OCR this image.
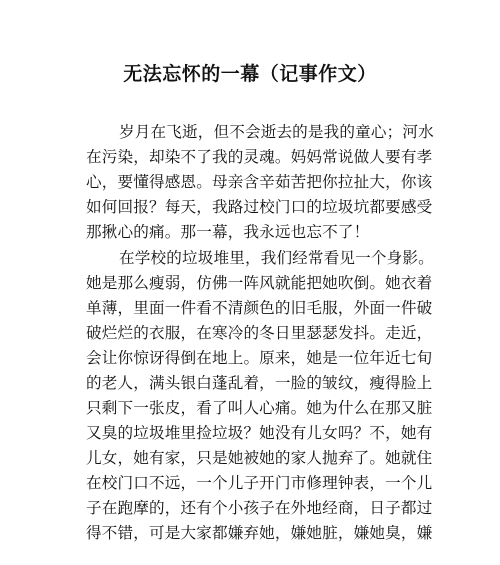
无法忘怀的一幕（记事作文）
岁月在飞逝，但不会逝去的是我的童心；河水
在污染，却染不了我的灵魂。妈妈常说做人要有孝
心，要懂得感恩。母亲含辛茹苦把你拉扯大，你该
如何回报？每天，我路过校门口的垃圾坑都要感受
那揪心的痛。那一幕，我永远也忘不了！
在学校的垃圾堆里，我们经常看见一个身影。
她是那么瘦弱，仿佛一阵风就能把她吹倒。她衣着
单薄，里面一件看不清颜色的旧毛服，外面一件破
破烂烂的衣服，在寒冷的冬日里瑟瑟发抖。走近，
会让你惊讶得倒在地上。原来，她是一位年近七旬
的老人，满头银白蓬乱着，一脸的皱纹，瘦得脸上
只剩下一张皮，看了叫人心痛。她为什么在那又脏
又臭的垃圾堆里捡垃圾？她没有儿女吗？不，她有
儿女，她有家，只是她被她的家人抛弃了。她就住
在校门口不远，一个儿子开门市修理钟表，一个儿
子在跑摩的，还有个小孩子在外地经商，日子都过
得不错，可是大家都嫌弃她，嫌她脏，嫌她臭，嫌
